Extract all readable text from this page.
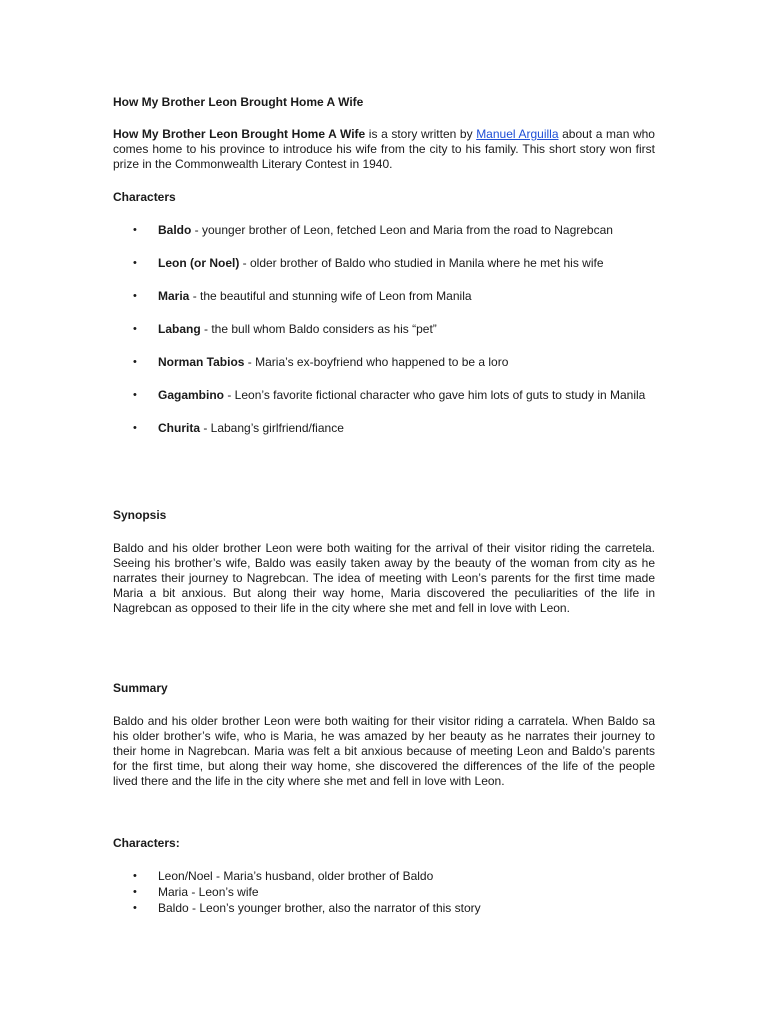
How My Brother Leon Brought Home A Wife

How My Brother Leon Brought Home A Wife is a story written by Manuel Arguilla about a man who comes home to his province to introduce his wife from the city to his family. This short story won first prize in the Commonwealth Literary Contest in 1940.

Characters
• Baldo - younger brother of Leon, fetched Leon and Maria from the road to Nagrebcan
• Leon (or Noel) - older brother of Baldo who studied in Manila where he met his wife
• Maria - the beautiful and stunning wife of Leon from Manila
• Labang - the bull whom Baldo considers as his “pet”
• Norman Tabios - Maria’s ex-boyfriend who happened to be a loro
• Gagambino - Leon’s favorite fictional character who gave him lots of guts to study in Manila
• Churita - Labang’s girlfriend/fiance
Synopsis

Baldo and his older brother Leon were both waiting for the arrival of their visitor riding the carretela. Seeing his brother’s wife, Baldo was easily taken away by the beauty of the woman from city as he narrates their journey to Nagrebcan. The idea of meeting with Leon’s parents for the first time made Maria a bit anxious. But along their way home, Maria discovered the peculiarities of the life in Nagrebcan as opposed to their life in the city where she met and fell in love with Leon.

Summary

Baldo and his older brother Leon were both waiting for their visitor riding a carratela. When Baldo sa his older brother’s wife, who is Maria, he was amazed by her beauty as he narrates their journey to their home in Nagrebcan. Maria was felt a bit anxious because of meeting Leon and Baldo’s parents for the first time, but along their way home, she discovered the differences of the life of the people lived there and the life in the city where she met and fell in love with Leon.

Characters:
• Leon/Noel - Maria’s husband, older brother of Baldo
• Maria - Leon’s wife
• Baldo - Leon’s younger brother, also the narrator of this story
